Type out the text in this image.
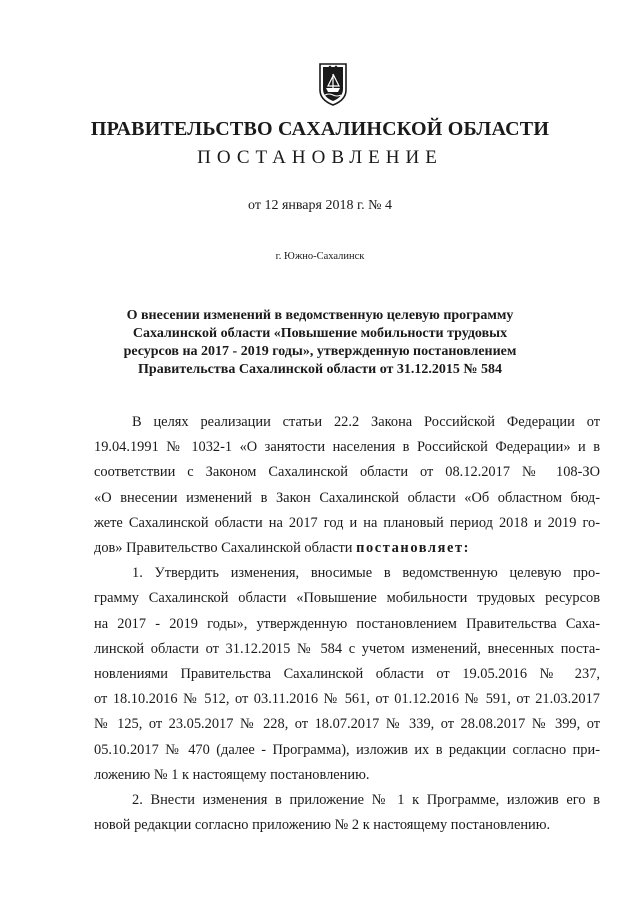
ПРАВИТЕЛЬСТВО САХАЛИНСКОЙ ОБЛАСТИ
ПОСТАНОВЛЕНИЕ
от 12 января 2018 г. № 4
г. Южно-Сахалинск
О внесении изменений в ведомственную целевую программу
Сахалинской области «Повышение мобильности трудовых
ресурсов на 2017 - 2019 годы», утвержденную постановлением
Правительства Сахалинской области от 31.12.2015 № 584

В целях реализации статьи 22.2 Закона Российской Федерации от
19.04.1991 № 1032-1 «О занятости населения в Российской Федерации» и в
соответствии с Законом Сахалинской области от 08.12.2017 № 108-ЗО
«О внесении изменений в Закон Сахалинской области «Об областном бюд-
жете Сахалинской области на 2017 год и на плановый период 2018 и 2019 го-
дов» Правительство Сахалинской области постановляет:

1. Утвердить изменения, вносимые в ведомственную целевую про-
грамму Сахалинской области «Повышение мобильности трудовых ресурсов
на 2017 - 2019 годы», утвержденную постановлением Правительства Саха-
линской области от 31.12.2015 № 584 с учетом изменений, внесенных поста-
новлениями Правительства Сахалинской области от 19.05.2016 № 237,
от 18.10.2016 № 512, от 03.11.2016 № 561, от 01.12.2016 № 591, от 21.03.2017
№ 125, от 23.05.2017 № 228, от 18.07.2017 № 339, от 28.08.2017 № 399, от
05.10.2017 № 470 (далее - Программа), изложив их в редакции согласно при-
ложению № 1 к настоящему постановлению.

2. Внести изменения в приложение № 1 к Программе, изложив его в
новой редакции согласно приложению № 2 к настоящему постановлению.
